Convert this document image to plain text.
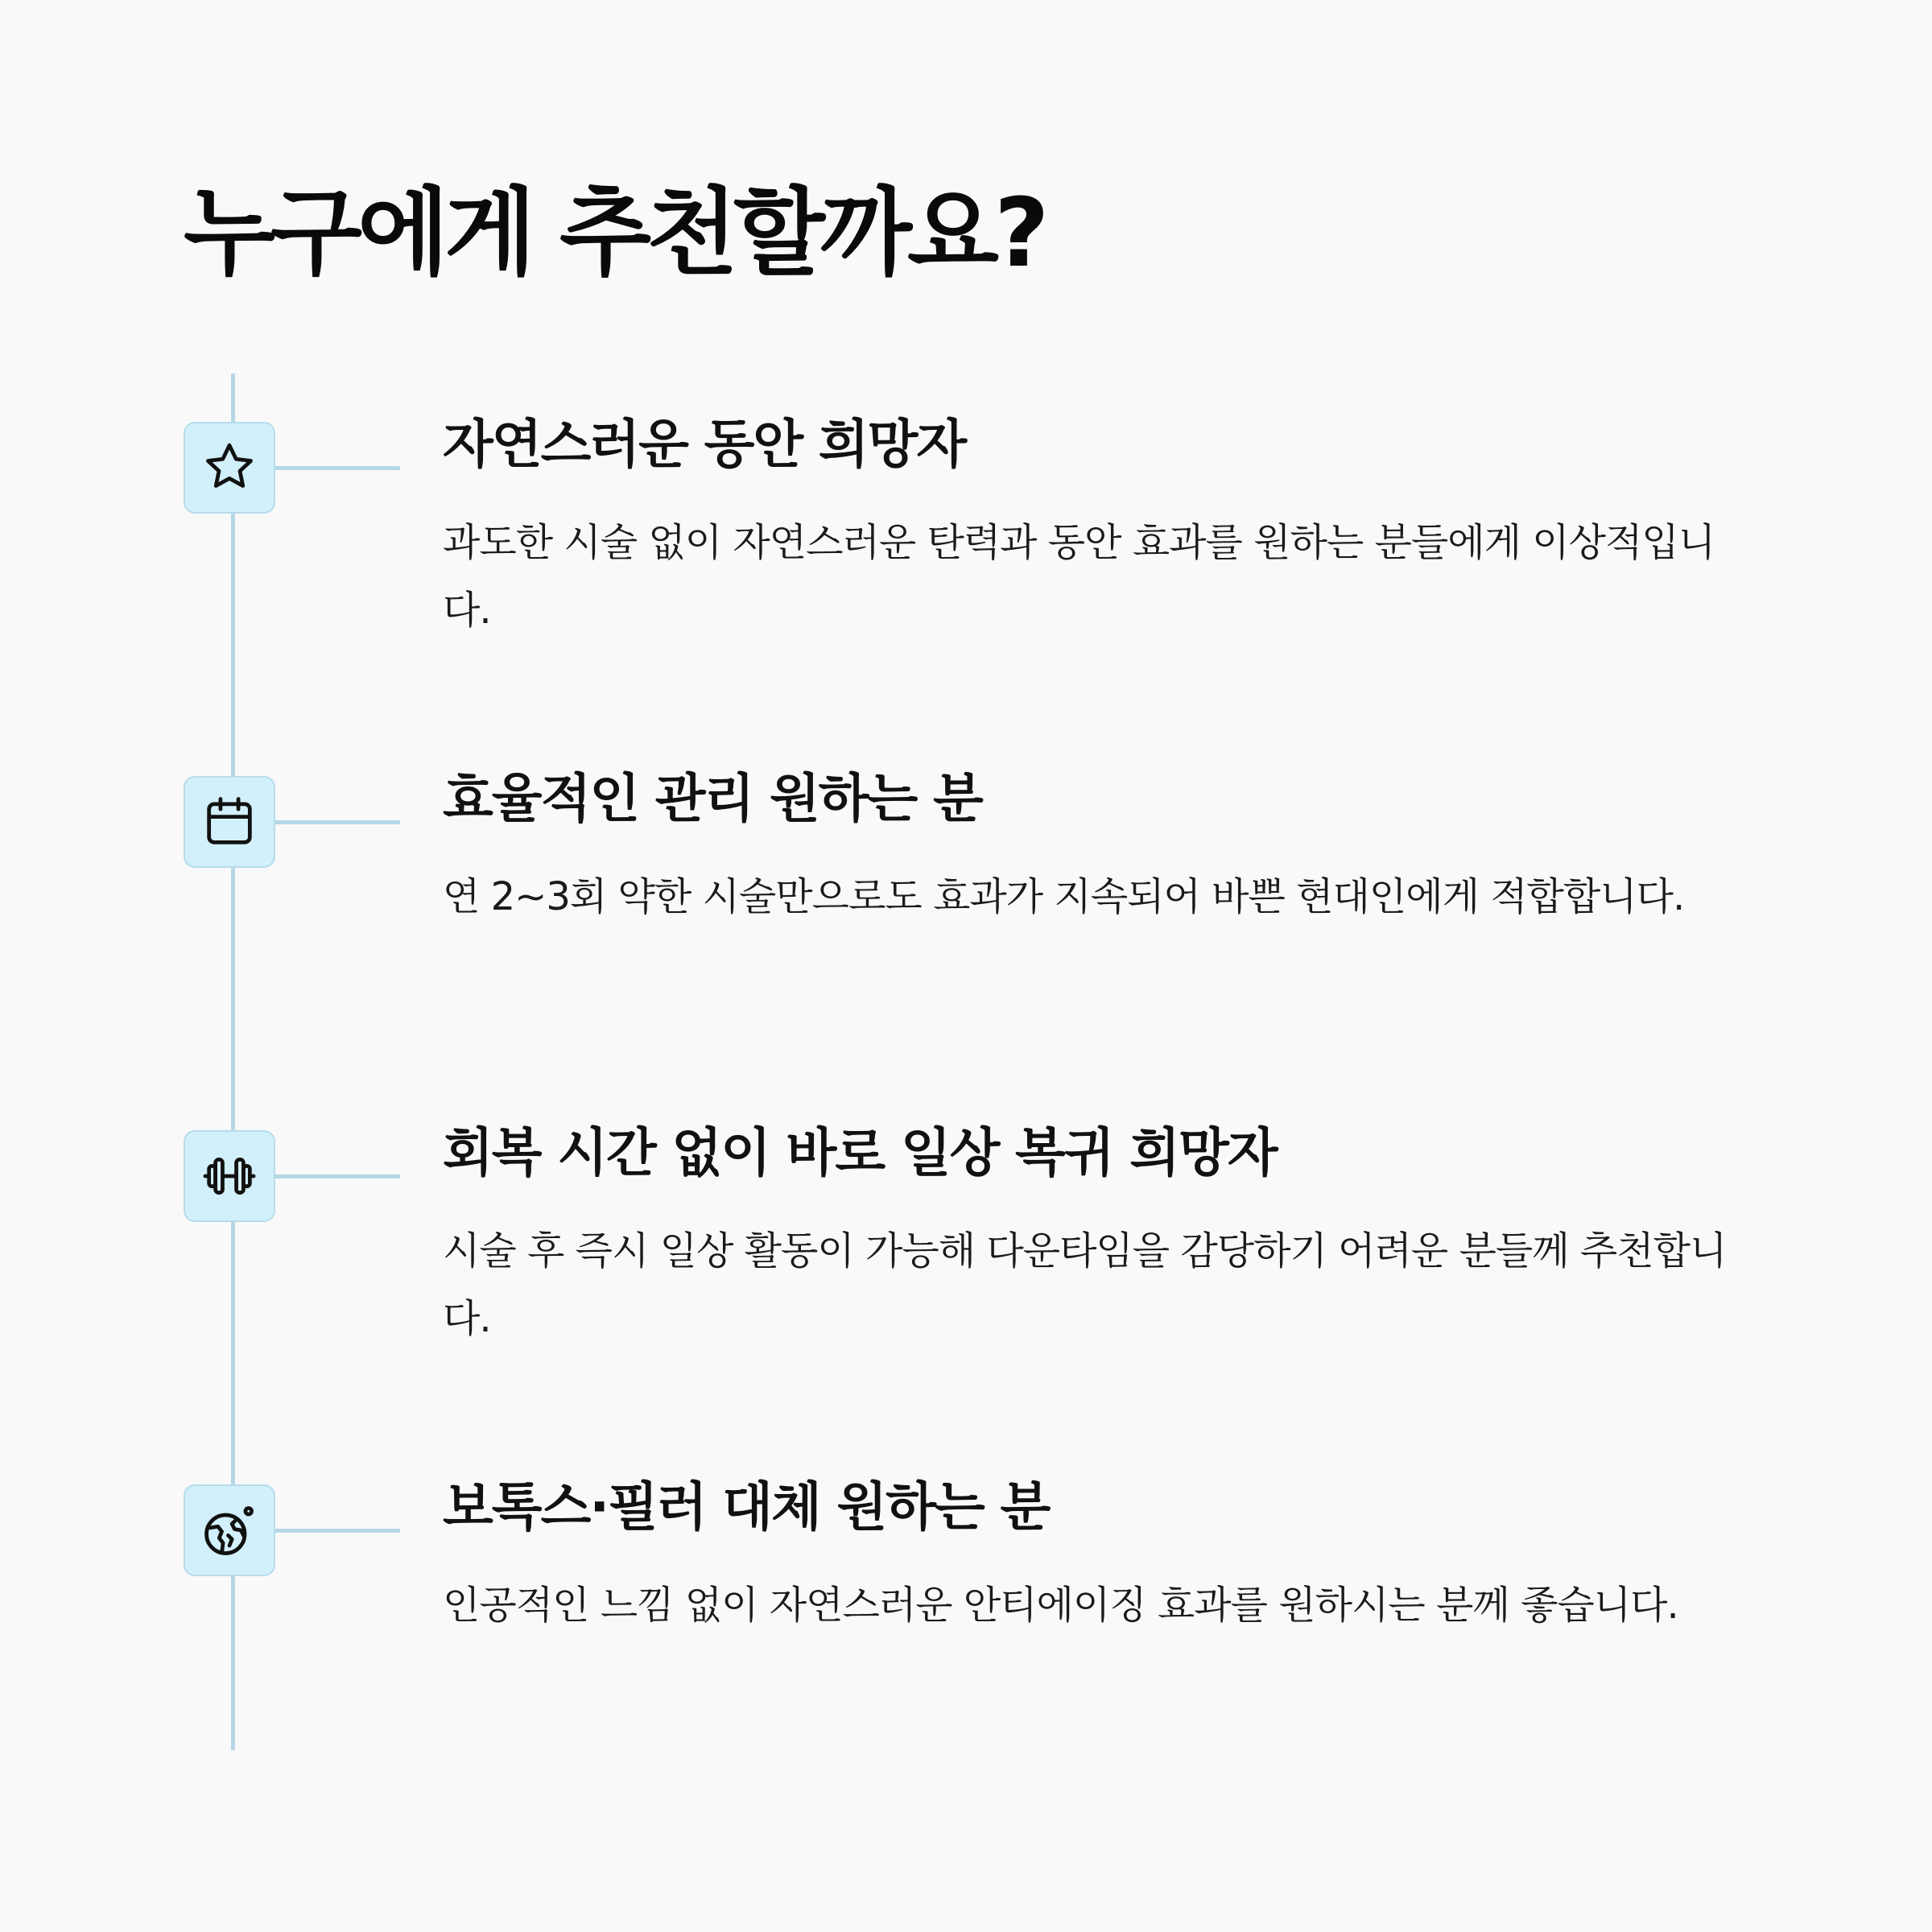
누구에게 추천할까요?
자연스러운 동안 희망자

과도한 시술 없이 자연스러운 탄력과 동안 효과를 원하는 분들에게 이상적입니다.

효율적인 관리 원하는 분

연 2~3회 약한 시술만으로도 효과가 지속되어 바쁜 현대인에게 적합합니다.

회복 시간 없이 바로 일상 복귀 희망자

시술 후 즉시 일상 활동이 가능해 다운타임을 감당하기 어려운 분들께 추천합니다.

보톡스·필러 대체 원하는 분

인공적인 느낌 없이 자연스러운 안티에이징 효과를 원하시는 분께 좋습니다.
